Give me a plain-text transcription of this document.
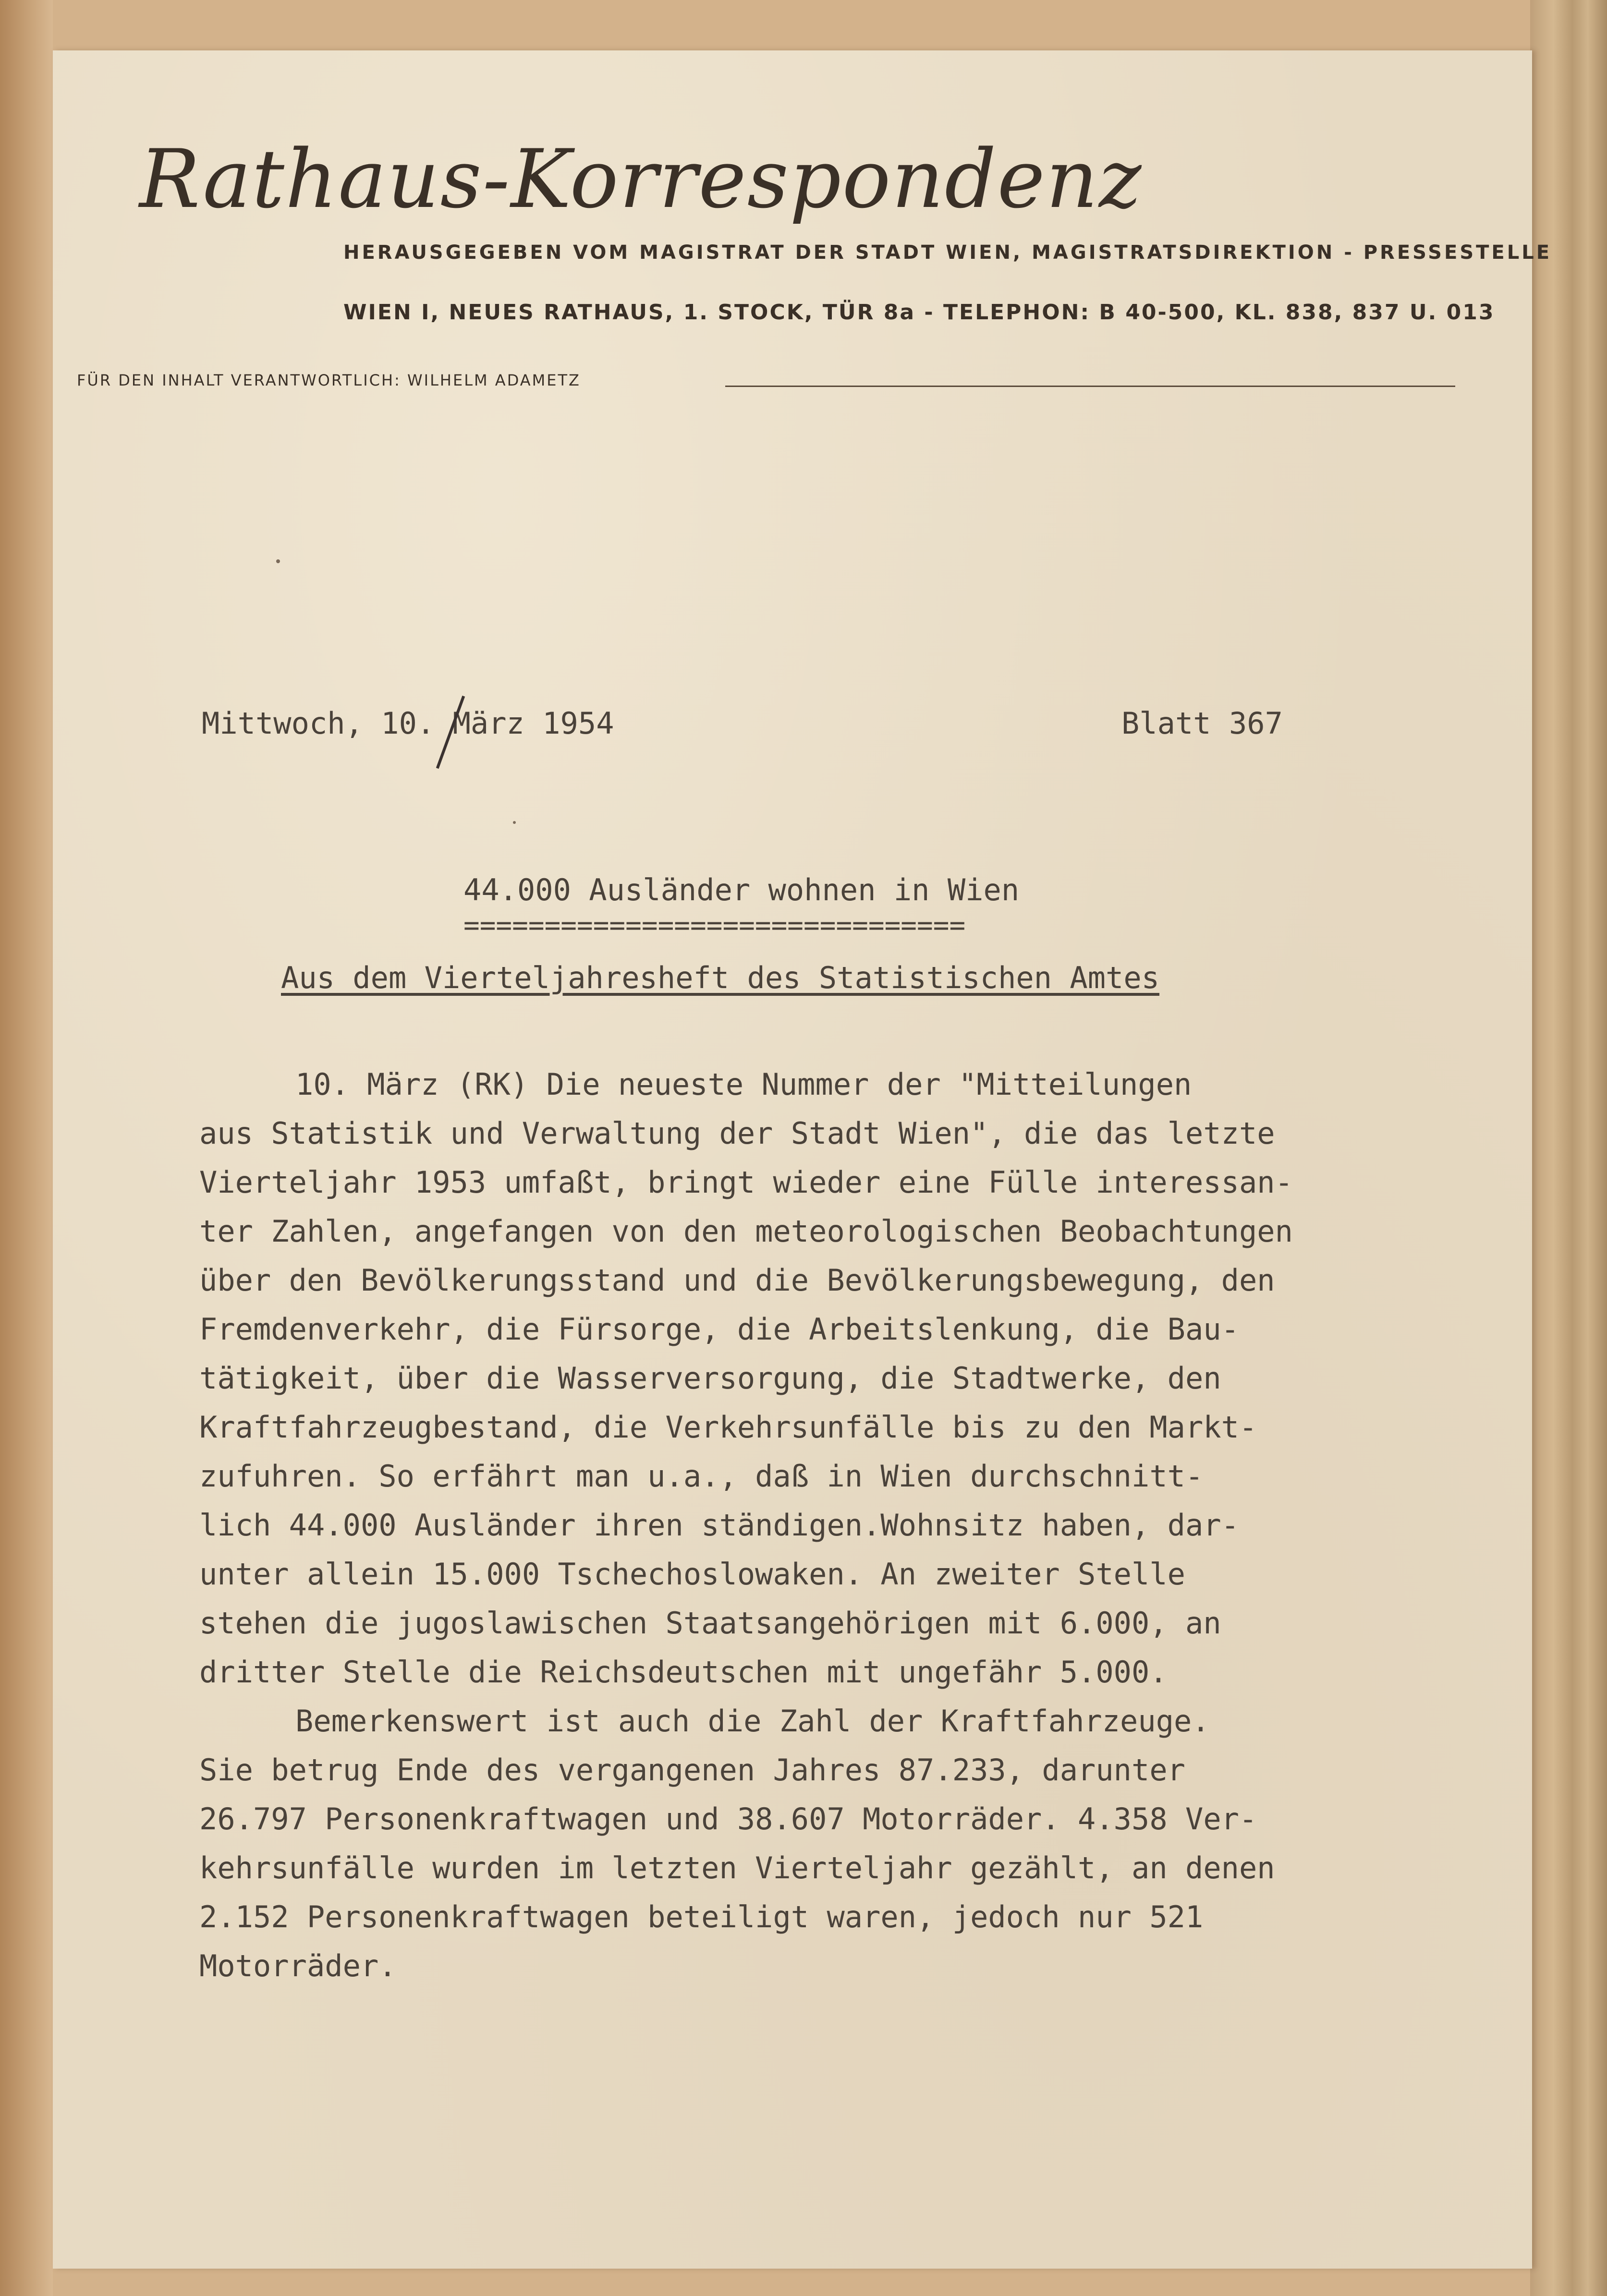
Rathaus-Korrespondenz
HERAUSGEGEBEN VOM MAGISTRAT DER STADT WIEN, MAGISTRATSDIREKTION - PRESSESTELLE
WIEN I, NEUES RATHAUS, 1. STOCK, TÜR 8a - TELEPHON: B 40-500, KL. 838, 837 U. 013
FÜR DEN INHALT VERANTWORTLICH: WILHELM ADAMETZ
Mittwoch, 10. März 1954	Blatt 367
44.000 Ausländer wohnen in Wien
===============================
Aus dem Vierteljahresheft des Statistischen Amtes
10. März (RK) Die neueste Nummer der "Mitteilungen
aus Statistik und Verwaltung der Stadt Wien", die das letzte
Vierteljahr 1953 umfaßt, bringt wieder eine Fülle interessan-
ter Zahlen, angefangen von den meteorologischen Beobachtungen
über den Bevölkerungsstand und die Bevölkerungsbewegung, den
Fremdenverkehr, die Fürsorge, die Arbeitslenkung, die Bau-
tätigkeit, über die Wasserversorgung, die Stadtwerke, den
Kraftfahrzeugbestand, die Verkehrsunfälle bis zu den Markt-
zufuhren. So erfährt man u.a., daß in Wien durchschnitt-
lich 44.000 Ausländer ihren ständigen.Wohnsitz haben, dar-
unter allein 15.000 Tschechoslowaken. An zweiter Stelle
stehen die jugoslawischen Staatsangehörigen mit 6.000, an
dritter Stelle die Reichsdeutschen mit ungefähr 5.000.
Bemerkenswert ist auch die Zahl der Kraftfahrzeuge.
Sie betrug Ende des vergangenen Jahres 87.233, darunter
26.797 Personenkraftwagen und 38.607 Motorräder. 4.358 Ver-
kehrsunfälle wurden im letzten Vierteljahr gezählt, an denen
2.152 Personenkraftwagen beteiligt waren, jedoch nur 521
Motorräder.
